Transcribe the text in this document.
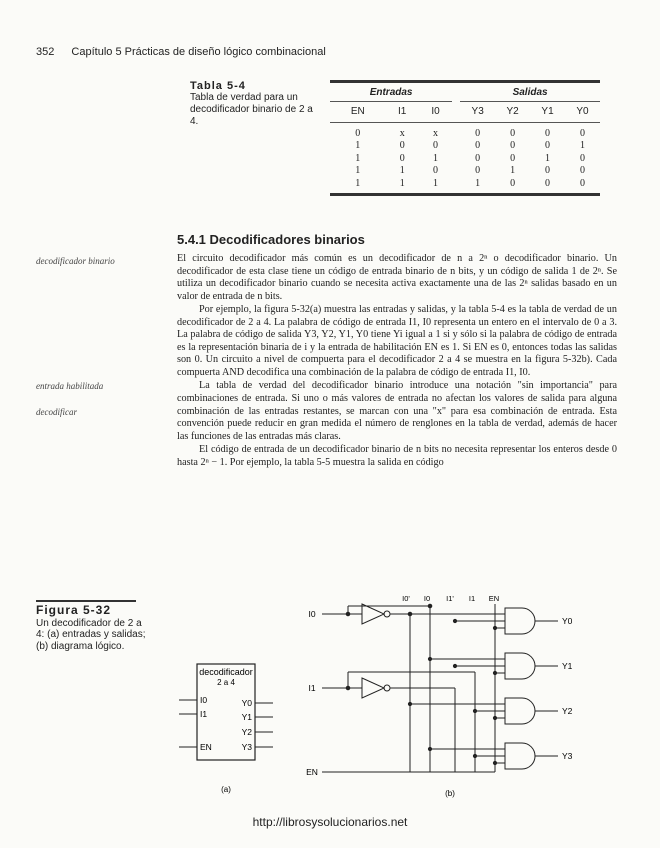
352 Capítulo 5 Prácticas de diseño lógico combinacional
Tabla 5-4
Tabla de verdad para un decodificador binario de 2 a 4.
Entradas				Salidas			
EN	I1	I0		Y3	Y2	Y1	Y0
0	x	x		0	0	0	0
1	0	0		0	0	0	1
1	0	1		0	0	1	0
1	1	0		0	1	0	0
1	1	1		1	0	0	0
5.4.1 Decodificadores binarios
decodificador binario
entrada habilitada
decodificar

El circuito decodificador más común es un decodificador de n a 2ⁿ o decodificador binario. Un decodificador de esta clase tiene un código de entrada binario de n bits, y un código de salida 1 de 2ⁿ. Se utiliza un decodificador binario cuando se necesita activa exactamente una de las 2ⁿ salidas basado en un valor de entrada de n bits.

Por ejemplo, la figura 5-32(a) muestra las entradas y salidas, y la tabla 5-4 es la tabla de verdad de un decodificador de 2 a 4. La palabra de código de entrada I1, I0 representa un entero en el intervalo de 0 a 3. La palabra de código de salida Y3, Y2, Y1, Y0 tiene Yi igual a 1 si y sólo si la palabra de código de entrada es la representación binaria de i y la entrada de habilitación EN es 1. Si EN es 0, entonces todas las salidas son 0. Un circuito a nivel de compuerta para el decodificador 2 a 4 se muestra en la figura 5-32b). Cada compuerta AND decodifica una combinación de la palabra de código de entrada I1, I0.

La tabla de verdad del decodificador binario introduce una notación "sin importancia" para combinaciones de entrada. Si uno o más valores de entrada no afectan los valores de salida para alguna combinación de las entradas restantes, se marcan con una "x" para esa combinación de entrada. Esta convención puede reducir en gran medida el número de renglones en la tabla de verdad, además de hacer las funciones de las entradas más claras.

El código de entrada de un decodificador binario de n bits no necesita representar los enteros desde 0 hasta 2ⁿ − 1. Por ejemplo, la tabla 5-5 muestra la salida en código

Figura 5-32
Un decodificador de 2 a 4: (a) entradas y salidas; (b) diagrama lógico.
decodificador
2 a 4
I0
I1
EN
Y0
Y1
Y2
Y3
(a)
I0
I1
EN
I0' I0 I1' I1 EN
Y0
Y1
Y2
Y3
(b)
http://librosysolucionarios.net
